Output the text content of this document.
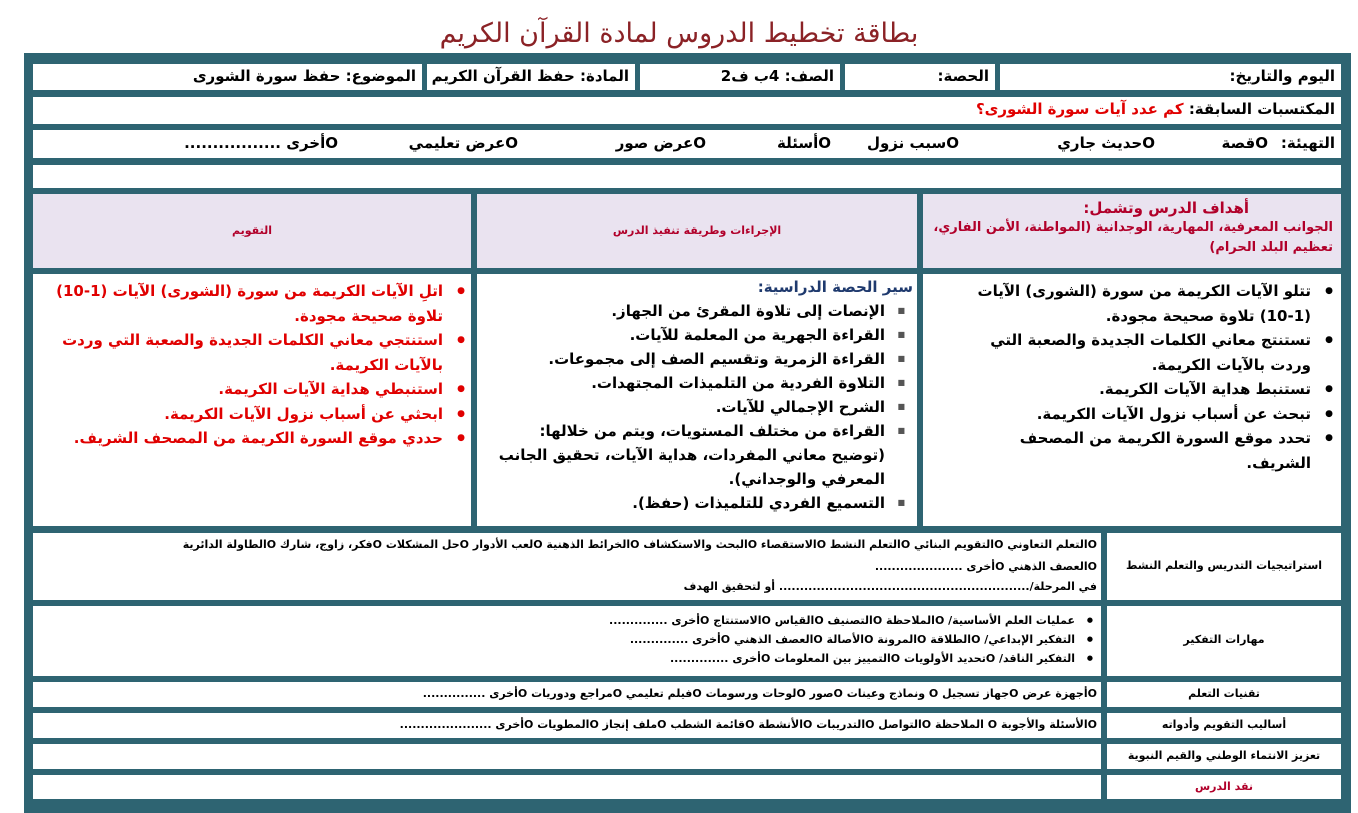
بطاقة تخطيط الدروس لمادة القرآن الكريم
اليوم والتاريخ:
الحصة:
الصف: 4ب ف2
المادة: حفظ القرآن الكريم
الموضوع: حفظ سورة الشورى
المكتسبات السابقة: كم عدد آيات سورة الشورى؟
التهيئة:
Oقصة
Oحديث جاري
Oسبب نزول
Oأسئلة
Oعرض صور
Oعرض تعليمي
Oأخرى .................
أهداف الدرس وتشمل:
الجوانب المعرفية، المهارية، الوجدانية (المواطنة، الأمن الفاري، تعظيم البلد الحرام)
الإجراءات وطريقة تنفيذ الدرس
التقويم
● تتلو الآيات الكريمة من سورة (الشورى) الآيات (1-10) تلاوة صحيحة مجودة.
● تستنتج معاني الكلمات الجديدة والصعبة التي وردت بالآيات الكريمة.
● تستنبط هداية الآيات الكريمة.
● تبحث عن أسباب نزول الآيات الكريمة.
● تحدد موقع السورة الكريمة من المصحف الشريف.
سير الحصة الدراسية:
■ الإنصات إلى تلاوة المقرئ من الجهاز.
■ القراءة الجهرية من المعلمة للآيات.
■ القراءة الزمرية وتقسيم الصف إلى مجموعات.
■ التلاوة الفردية من التلميذات المجتهدات.
■ الشرح الإجمالي للآيات.
■ القراءة من مختلف المستويات، ويتم من خلالها: (توضيح معاني المفردات، هداية الآيات، تحقيق الجانب المعرفي والوجداني).
■ التسميع الفردي للتلميذات (حفظ).
● اتلِ الآيات الكريمة من سورة (الشورى) الآيات (1-10) تلاوة صحيحة مجودة.
● استنتجي معاني الكلمات الجديدة والصعبة التي وردت بالآيات الكريمة.
● استنبطي هداية الآيات الكريمة.
● ابحثي عن أسباب نزول الآيات الكريمة.
● حددي موقع السورة الكريمة من المصحف الشريف.
استراتيجيات التدريس والتعلم النشط
Oالتعلم التعاوني Oالتقويم البنائي Oالتعلم النشط Oالاستقصاء Oالبحث والاستكشاف Oالخرائط الذهنية Oلعب الأدوار Oحل المشكلات Oفكر، زاوج، شارك Oالطاولة الدائرية
Oالعصف الذهني Oأخرى .....................
في المرحلة/............................................................ أو لتحقيق الهدف
مهارات التفكير
● عمليات العلم الأساسية/ Oالملاحظة Oالتصنيف Oالقياس Oالاستنتاج Oأخرى ..............
● التفكير الإبداعي/ Oالطلاقة Oالمرونة Oالأصالة Oالعصف الذهني Oأخرى ..............
● التفكير الناقد/ Oتحديد الأولويات Oالتمييز بين المعلومات Oأخرى ..............
تقنيات التعلم
Oأجهزة عرض Oجهاز تسجيل O ونماذج وعينات Oصور Oلوحات ورسومات Oفيلم تعليمي Oمراجع ودوريات Oأخرى ...............
أساليب التقويم وأدواته
Oالأسئلة والأجوبة O الملاحظة Oالتواصل Oالتدريبات Oالأنشطة Oقائمة الشطب Oملف إنجاز Oالمطويات Oأخرى ......................
تعزيز الانتماء الوطني والقيم النبوية
نقد الدرس
